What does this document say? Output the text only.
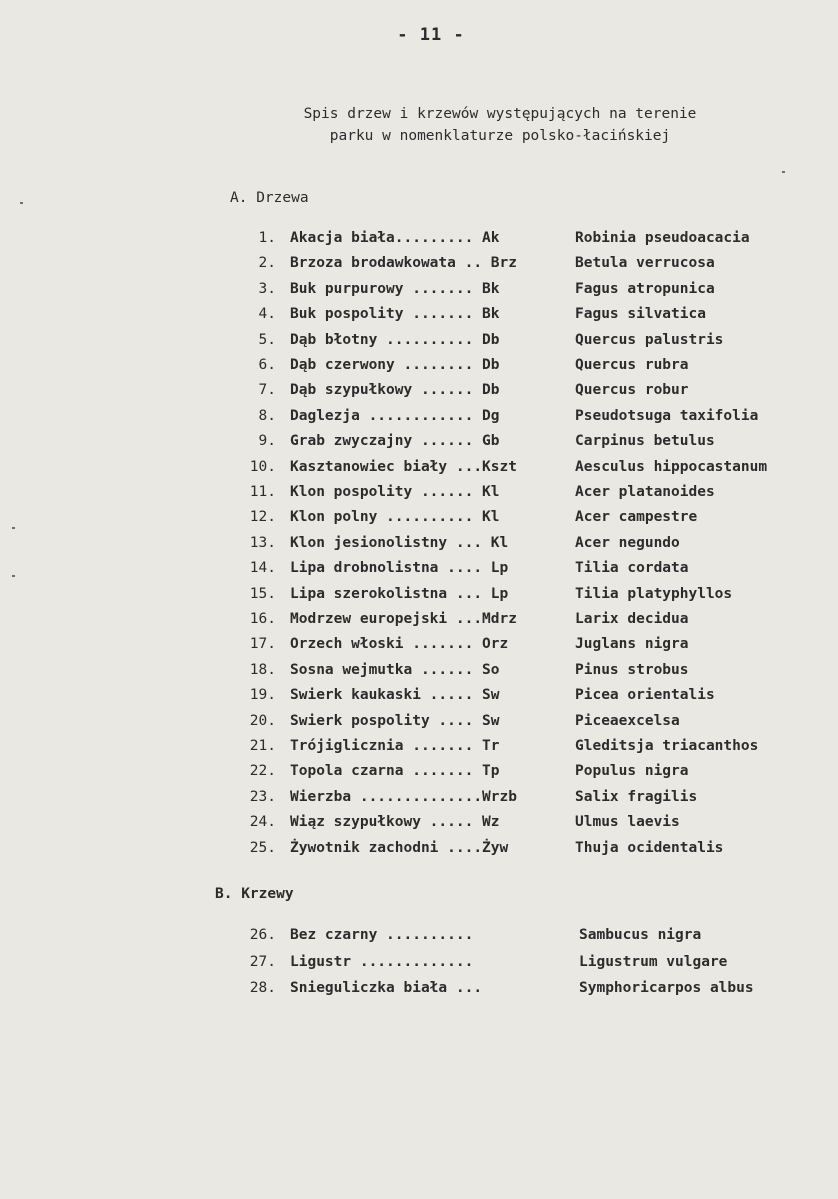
- 11 -
Spis drzew i krzewów występujących na terenie
parku w nomenklaturze polsko-łacińskiej
A. Drzewa
1. Akacja biała......... Ak	Robinia pseudoacacia
2. Brzoza brodawkowata .. Brz	Betula verrucosa
3. Buk purpurowy ....... Bk	Fagus atropunica
4. Buk pospolity ....... Bk	Fagus silvatica
5. Dąb błotny .......... Db	Quercus palustris
6. Dąb czerwony ........ Db	Quercus rubra
7. Dąb szypułkowy ...... Db	Quercus robur
8. Daglezja ............ Dg	Pseudotsuga taxifolia
9. Grab zwyczajny ...... Gb	Carpinus betulus
10. Kasztanowiec biały ...Kszt	Aesculus hippocastanum
11. Klon pospolity ...... Kl	Acer platanoides
12. Klon polny .......... Kl	Acer campestre
13. Klon jesionolistny ... Kl	Acer negundo
14. Lipa drobnolistna .... Lp	Tilia cordata
15. Lipa szerokolistna ... Lp	Tilia platyphyllos
16. Modrzew europejski ...Mdrz	Larix decidua
17. Orzech włoski ....... Orz	Juglans nigra
18. Sosna wejmutka ...... So	Pinus strobus
19. Swierk kaukaski ..... Sw	Picea orientalis
20. Swierk pospolity .... Sw	Piceaexcelsa
21. Trójiglicznia ....... Tr	Gleditsja triacanthos
22. Topola czarna ....... Tp	Populus nigra
23. Wierzba ..............Wrzb	Salix fragilis
24. Wiąz szypułkowy ..... Wz	Ulmus laevis
25. Żywotnik zachodni ....Żyw	Thuja ocidentalis
B. Krzewy
26. Bez czarny ..........	Sambucus nigra
27. Ligustr .............	Ligustrum vulgare
28. Snieguliczka biała ...	Symphoricarpos albus
